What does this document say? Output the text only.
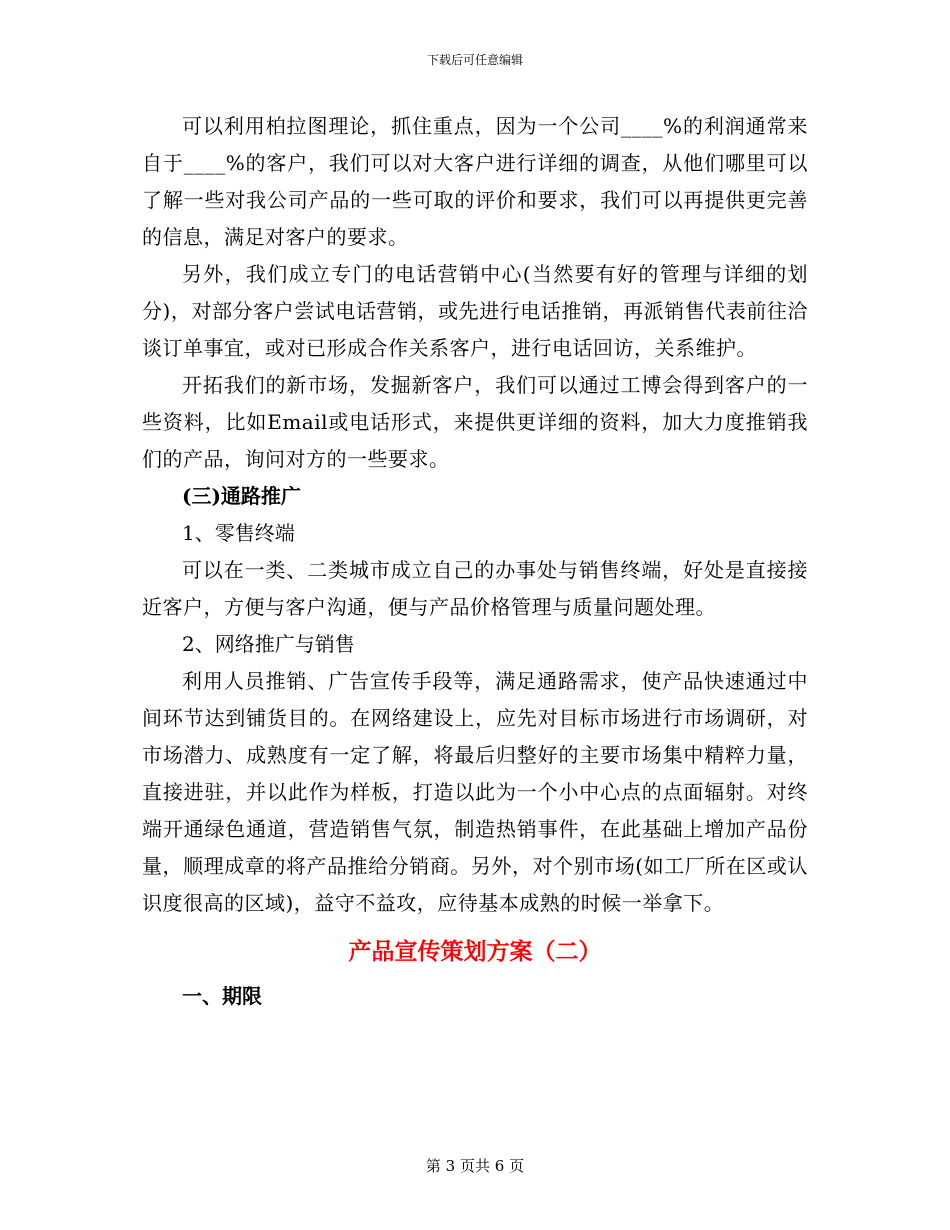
下载后可任意编辑

可以利用柏拉图理论，抓住重点，因为一个公司____%的利润通常来自于____%的客户，我们可以对大客户进行详细的调查，从他们哪里可以了解一些对我公司产品的一些可取的评价和要求，我们可以再提供更完善的信息，满足对客户的要求。

另外，我们成立专门的电话营销中心(当然要有好的管理与详细的划分)，对部分客户尝试电话营销，或先进行电话推销，再派销售代表前往洽谈订单事宜，或对已形成合作关系客户，进行电话回访，关系维护。

开拓我们的新市场，发掘新客户，我们可以通过工博会得到客户的一些资料，比如Email或电话形式，来提供更详细的资料，加大力度推销我们的产品，询问对方的一些要求。

(三)通路推广

1、零售终端

可以在一类、二类城市成立自己的办事处与销售终端，好处是直接接近客户，方便与客户沟通，便与产品价格管理与质量问题处理。

2、网络推广与销售

利用人员推销、广告宣传手段等，满足通路需求，使产品快速通过中间环节达到铺货目的。在网络建设上，应先对目标市场进行市场调研，对市场潜力、成熟度有一定了解，将最后归整好的主要市场集中精粹力量，直接进驻，并以此作为样板，打造以此为一个小中心点的点面辐射。对终端开通绿色通道，营造销售气氛，制造热销事件，在此基础上增加产品份量，顺理成章的将产品推给分销商。另外，对个别市场(如工厂所在区或认识度很高的区域)，益守不益攻，应待基本成熟的时候一举拿下。

产品宣传策划方案（二）

一、期限

第 3 页共 6 页
